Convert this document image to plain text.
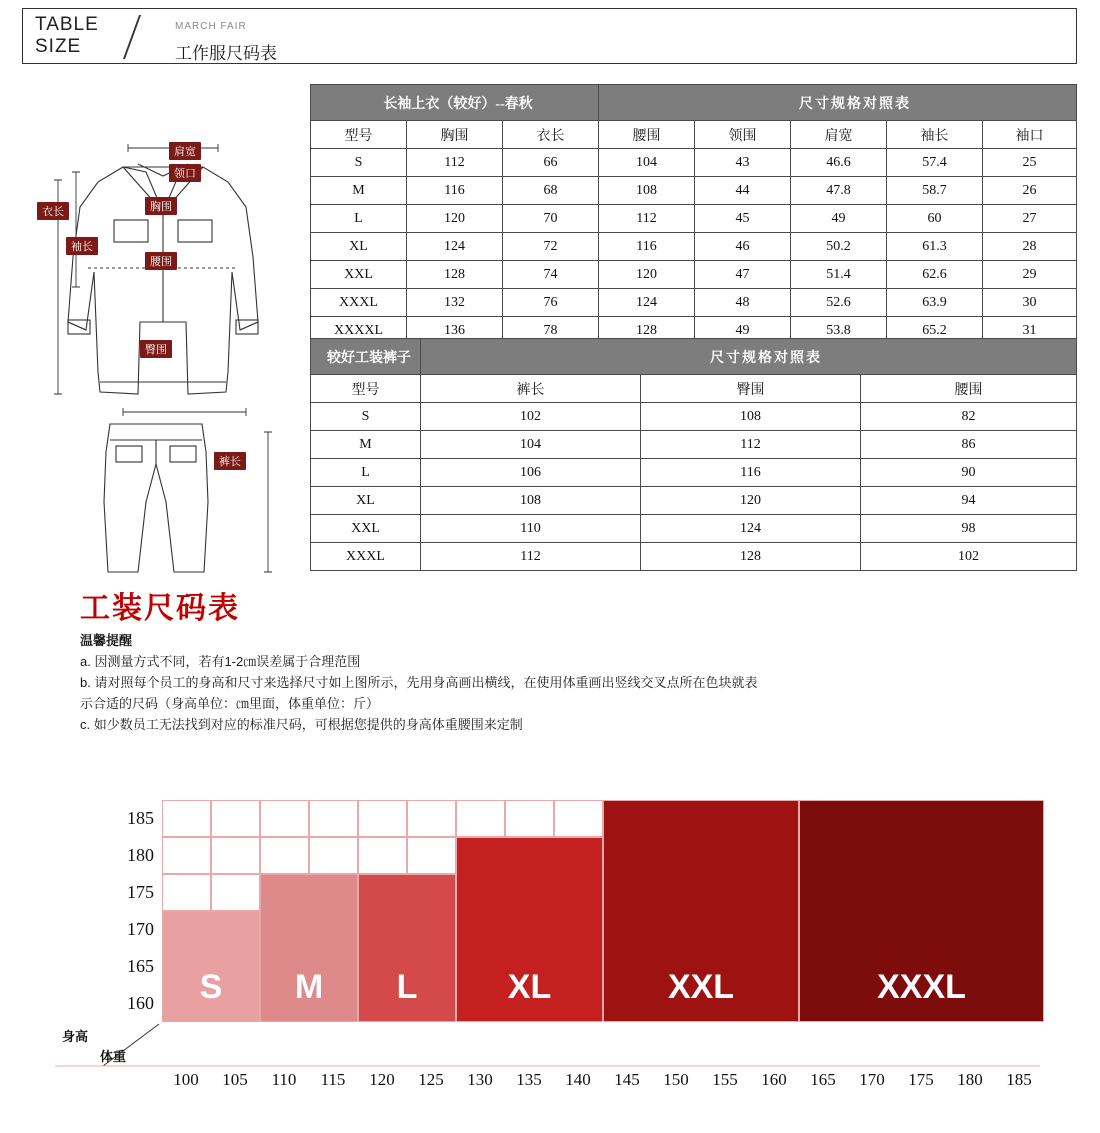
TABLE
SIZE
MARCH FAIR
工作服尺码表
肩宽
领口
胸围
衣长
袖长
腰围
臀围
裤长
长袖上衣（较好）--春秋			尺寸规格对照表				
型号	胸围	衣长	腰围	领围	肩宽	袖长	袖口
S	112	66	104	43	46.6	57.4	25
M	116	68	108	44	47.8	58.7	26
L	120	70	112	45	49	60	27
XL	124	72	116	46	50.2	61.3	28
XXL	128	74	120	47	51.4	62.6	29
XXXL	132	76	124	48	52.6	63.9	30
XXXXL	136	78	128	49	53.8	65.2	31
较好工装裤子	尺寸规格对照表		
型号	裤长	臀围	腰围
S	102	108	82
M	104	112	86
L	106	116	90
XL	108	120	94
XXL	110	124	98
XXXL	112	128	102
工装尺码表
温馨提醒
a. 因测量方式不同，若有1-2㎝误差属于合理范围
b. 请对照每个员工的身高和尺寸来选择尺寸如上图所示，先用身高画出横线，在使用体重画出竖线交叉点所在色块就表
示合适的尺码（身高单位：㎝里面，体重单位：斤）
c. 如少数员工无法找到对应的标准尺码，可根据您提供的身高体重腰围来定制
S	M	L	XL	XXL	XXXL
185
180
175
170
165
160
100	105	110	115	120	125	130	135	140	145	150	155	160	165	170	175	180	185
身高
体重
